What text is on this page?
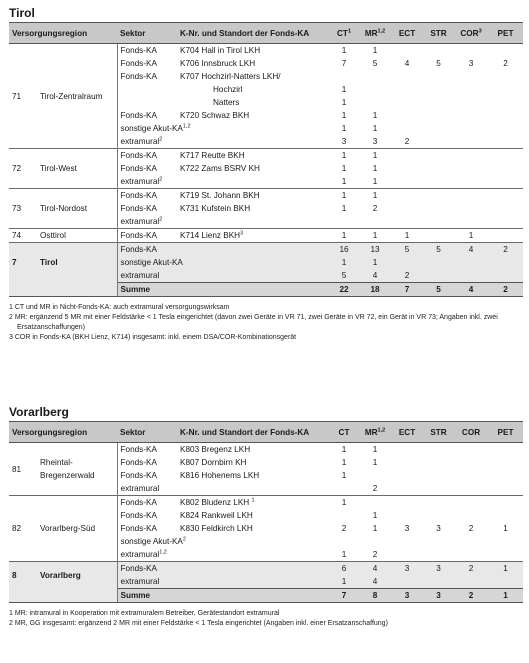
Tirol
Versorgungsregion		Sektor	K-Nr. und Standort der Fonds-KA	$CT^1$	MR$^{1,2}$	ECT	STR	COR$^3$	PET
71	Tirol-Zentralraum	Fonds-KA	K704 Hall in Tirol LKH	1	1				
		Fonds-KA	K706 Innsbruck LKH	7	5	4	5	3	2
		Fonds-KA	K707 Hochzirl-Natters LKH/						
			Hochzirl	1					
			Natters	1					
		Fonds-KA	K720 Schwaz BKH	1	1				
		sonstige Akut-KA$^{1,2}$		1	1				
		extramural$^2$		3	3	2			

72	Tirol-West	Fonds-KA	K717 Reutte BKH	1	1				
		Fonds-KA	K722 Zams BSRV KH	1	1				
		extramural$^2$		1	1				
73	Tirol-Nordost	Fonds-KA	K719 St. Johann BKH	1	1				
		Fonds-KA	K731 Kufstein BKH	1	2				
		extramural$^2$							
74	Osttirol	Fonds-KA	K714 Lienz BKH$^3$	1	1	1		1	
7	Tirol	Fonds-KA		16	13	5	5	4	2
		sonstige Akut-KA		1	1				
		extramural		5	4	2			
		Summe		22	18	7	5	4	2
1 CT und MR in Nicht-Fonds-KA: auch extramural versorgungswirksam
2 MR: ergänzend 5 MR mit einer Feldstärke < 1 Tesla eingerichtet (davon zwei Geräte in VR 71, zwei Geräte in VR 72, ein Gerät in VR 73; Angaben inkl. zwei Ersatzanschaffungen)
3 COR in Fonds-KA (BKH Lienz, K714) insgesamt: inkl. einem DSA/COR-Kombinationsgerät
Vorarlberg
Versorgungsregion		Sektor	K-Nr. und Standort der Fonds-KA	CT	MR$^{1,2}$	ECT	STR	COR	PET
81	Rheintal-Bregenzerwald	Fonds-KA	K803 Bregenz LKH	1	1				
		Fonds-KA	K807 Dornbirn KH	1	1				
		Fonds-KA	K816 Hohenems LKH	1					
		extramural			2				
82	Vorarlberg-Süd	Fonds-KA	K802 Bludenz LKH $^1$	1					
		Fonds-KA	K824 Rankweil LKH		1				
		Fonds-KA	K830 Feldkirch LKH	2	1	3	3	2	1
		sonstige Akut-$KA^2$							
		extramural$^{1,2}$		1	2				
8	Vorarlberg	Fonds-KA		6	4	3	3	2	1
		extramural		1	4				
		Summe		7	8	3	3	2	1
1 MR: intramural in Kooperation mit extramuralem Betreiber, Gerätestandort extramural
2 MR, GG insgesamt: ergänzend 2 MR mit einer Feldstärke < 1 Tesla eingerichtet (Angaben inkl. einer Ersatzanschaffung)
